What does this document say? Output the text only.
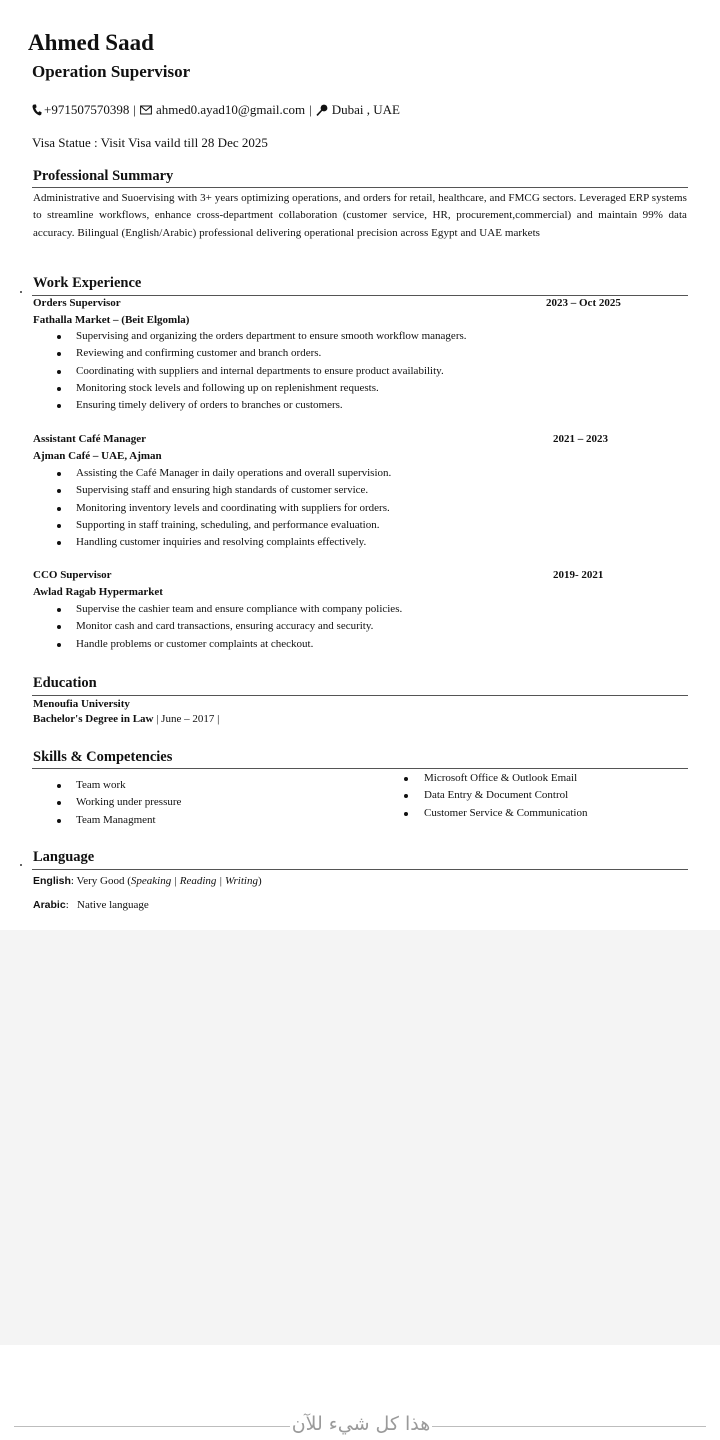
Ahmed Saad
Operation Supervisor
+971507570398 | ahmed0.ayad10@gmail.com | Dubai , UAE
Visa Statue : Visit Visa vaild till 28 Dec 2025
Professional Summary
Administrative and Suoervising with 3+ years optimizing operations, and orders for retail, healthcare, and FMCG sectors. Leveraged ERP systems to streamline workflows, enhance cross-department collaboration (customer service, HR, procurement,commercial) and maintain 99% data accuracy. Bilingual (English/Arabic) professional delivering operational precision across Egypt and UAE markets
Work Experience
Orders Supervisor	2023 – Oct 2025
Fathalla Market – (Beit Elgomla)
Supervising and organizing the orders department to ensure smooth workflow managers.
Reviewing and confirming customer and branch orders.
Coordinating with suppliers and internal departments to ensure product availability.
Monitoring stock levels and following up on replenishment requests.
Ensuring timely delivery of orders to branches or customers.
Assistant Café Manager	2021 – 2023
Ajman Café – UAE, Ajman
Assisting the Café Manager in daily operations and overall supervision.
Supervising staff and ensuring high standards of customer service.
Monitoring inventory levels and coordinating with suppliers for orders.
Supporting in staff training, scheduling, and performance evaluation.
Handling customer inquiries and resolving complaints effectively.
CCO Supervisor	2019- 2021
Awlad Ragab Hypermarket
Supervise the cashier team and ensure compliance with company policies.
Monitor cash and card transactions, ensuring accuracy and security.
Handle problems or customer complaints at checkout.
Education
Menoufia University
Bachelor's Degree in Law | June – 2017 |
Skills & Competencies
Team work
Working under pressure
Team Managment
Microsoft Office & Outlook Email
Data Entry & Document Control
Customer Service & Communication
Language
English: Very Good (Speaking | Reading | Writing)
Arabic:   Native language
هذا كل شيء للآن
